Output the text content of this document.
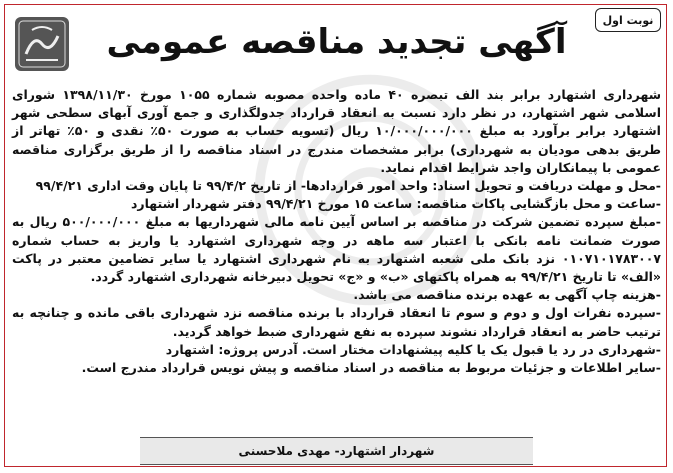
نوبت اول
آگهی تجدید مناقصه عمومی

شهرداری اشتهارد برابر بند الف تبصره ۴۰ ماده واحده مصوبه شماره ۱۰۵۵ مورخ ۱۳۹۸/۱۱/۳۰ شورای اسلامی شهر اشتهارد، در نظر دارد نسبت به انعقاد قرارداد جدولگذاری و جمع آوری آبهای سطحی شهر اشتهارد برابر برآورد به مبلغ ۱۰/۰۰۰/۰۰۰/۰۰۰ ریال (تسویه حساب به صورت ۵۰٪ نقدی و ۵۰٪ تهاتر از طریق بدهی مودیان به شهرداری) برابر مشخصات مندرج در اسناد مناقصه را از طریق برگزاری مناقصه عمومی با پیمانکاران واجد شرایط اقدام نماید.

-محل و مهلت دریافت و تحویل اسناد: واحد امور قراردادها- از تاریخ ۹۹/۴/۲ تا پایان وقت اداری ۹۹/۴/۲۱

-ساعت و محل بازگشایی پاکات مناقصه: ساعت ۱۵ مورخ ۹۹/۴/۲۱ دفتر شهردار اشتهارد

-مبلغ سپرده تضمین شرکت در مناقصه بر اساس آیین نامه مالی شهرداریها به مبلغ ۵۰۰/۰۰۰/۰۰۰ ریال به صورت ضمانت نامه بانکی با اعتبار سه ماهه در وجه شهرداری اشتهارد یا واریز به حساب شماره ۰۱۰۷۱۰۱۷۸۳۰۰۷ نزد بانک ملی شعبه اشتهارد به نام شهرداری اشتهارد یا سایر تضامین معتبر در پاکت «الف» تا تاریخ ۹۹/۴/۲۱ به همراه پاکتهای «ب» و «ج» تحویل دبیرخانه شهرداری اشتهارد گردد.

-هزینه چاپ آگهی به عهده برنده مناقصه می باشد.

-سپرده نفرات اول و دوم و سوم تا انعقاد قرارداد با برنده مناقصه نزد شهرداری باقی مانده و چنانچه به ترتیب حاضر به انعقاد قرارداد نشوند سپرده به نفع شهرداری ضبط خواهد گردید.

-شهرداری در رد یا قبول یک یا کلیه پیشنهادات مختار است. آدرس پروژه: اشتهارد

-سایر اطلاعات و جزئیات مربوط به مناقصه در اسناد مناقصه و پیش نویس قرارداد مندرج است.

شهردار اشتهارد- مهدی ملاحسنی
